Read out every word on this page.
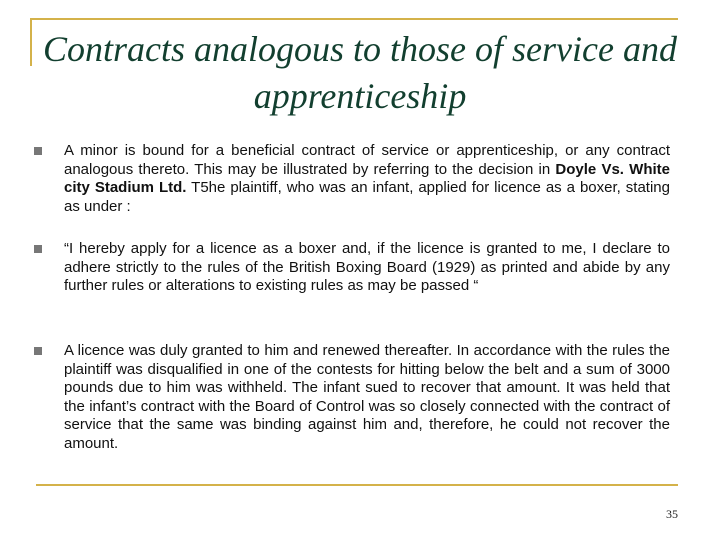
Contracts analogous to those of service and apprenticeship
A minor is bound for a beneficial contract of service or apprenticeship, or any contract analogous thereto. This may be illustrated by referring to the decision in Doyle Vs. White city Stadium Ltd. T5he plaintiff, who was an infant, applied for licence as a boxer, stating as under :
“I hereby apply for a licence as a boxer and, if the licence is granted to me, I declare to adhere strictly to the rules of the British Boxing Board (1929) as printed and abide by any further rules or alterations to existing rules as may be passed “
A licence was duly granted to him and renewed thereafter. In accordance with the rules the plaintiff was disqualified in one of the contests for hitting below the belt and a sum of 3000 pounds due to him was withheld. The infant sued to recover that amount. It was held that the infant’s contract with the Board of Control was so closely connected with the contract of service that the same was binding against him and, therefore, he could not recover the amount.
35
